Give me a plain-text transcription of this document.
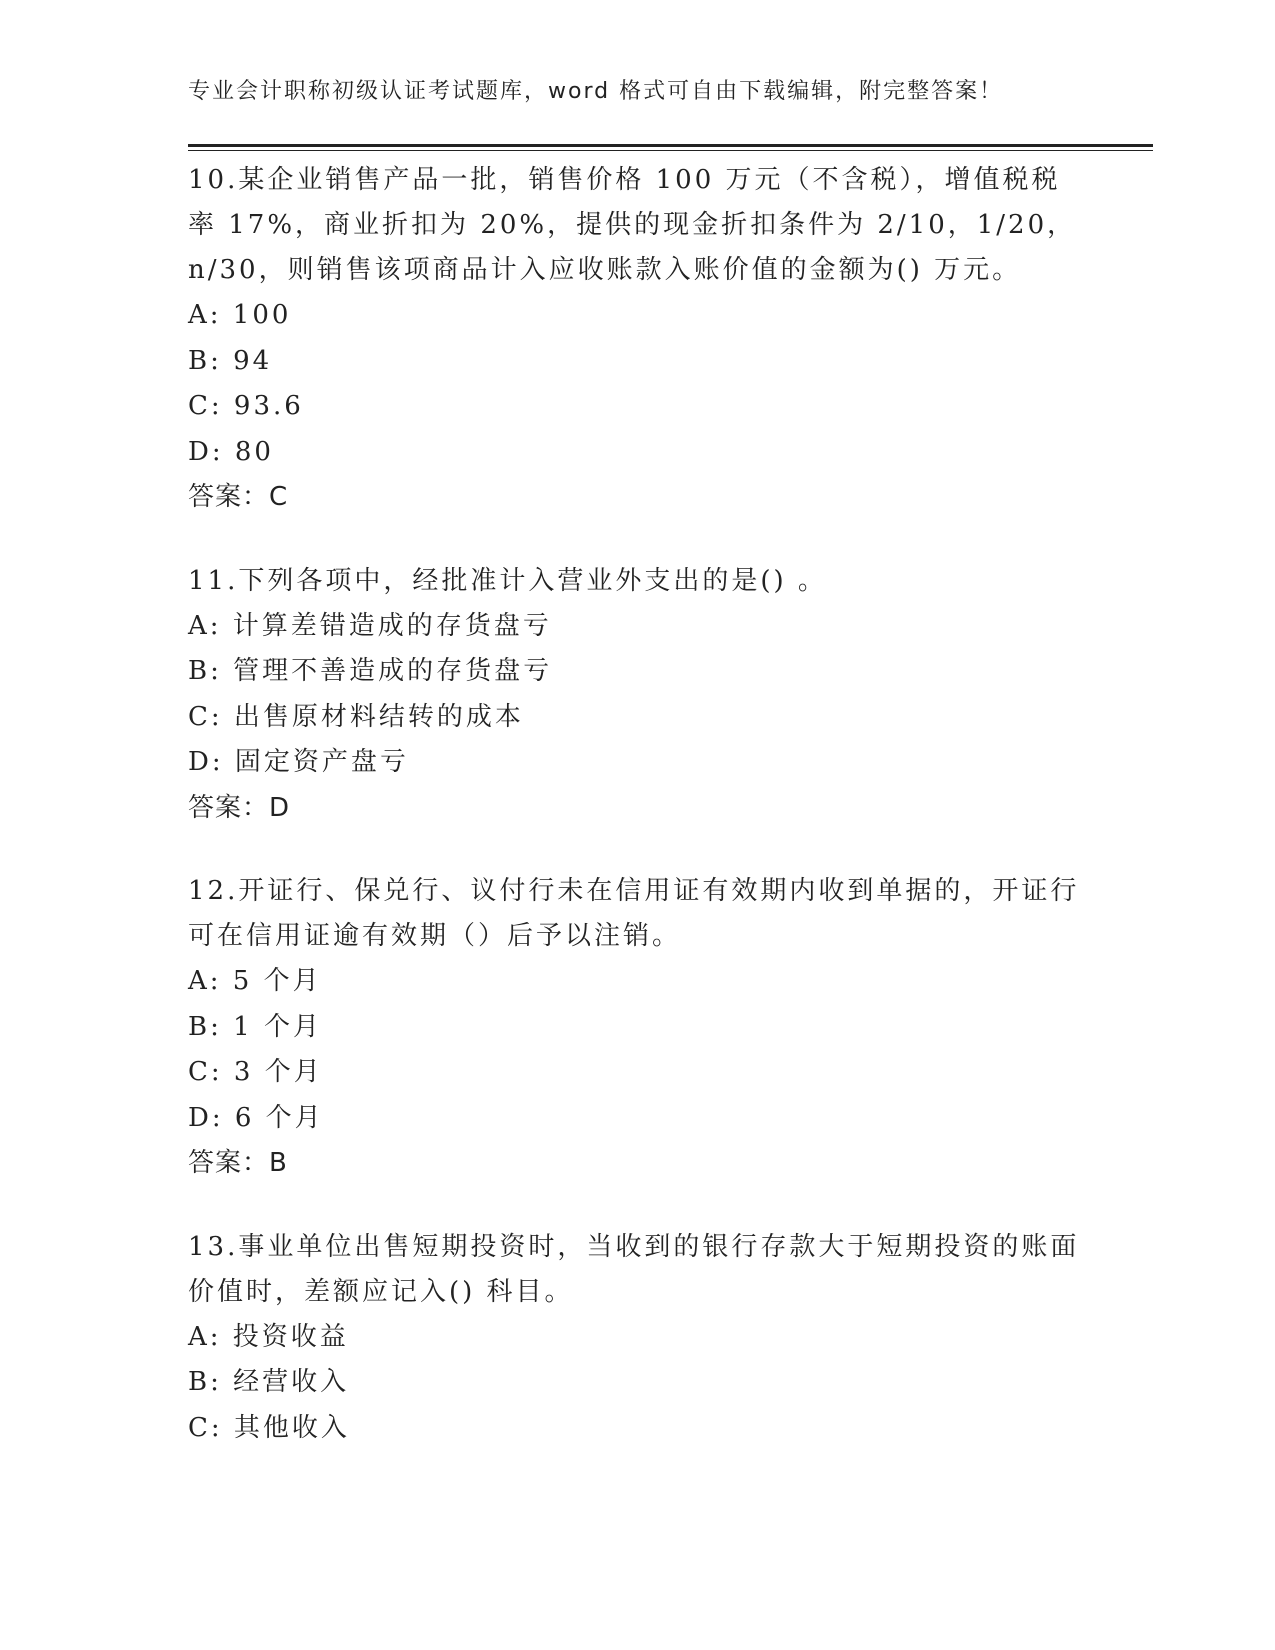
专业会计职称初级认证考试题库，word 格式可自由下载编辑，附完整答案！

10.某企业销售产品一批，销售价格 100 万元（不含税），增值税税率 17%，商业折扣为 20%，提供的现金折扣条件为 2/10，1/20，n/30，则销售该项商品计入应收账款入账价值的金额为() 万元。

A: 100

B: 94

C: 93.6

D: 80

答案：C

11.下列各项中，经批准计入营业外支出的是() 。

A: 计算差错造成的存货盘亏

B: 管理不善造成的存货盘亏

C: 出售原材料结转的成本

D: 固定资产盘亏

答案：D

12.开证行、保兑行、议付行未在信用证有效期内收到单据的，开证行可在信用证逾有效期（）后予以注销。

A: 5 个月

B: 1 个月

C: 3 个月

D: 6 个月

答案：B

13.事业单位出售短期投资时，当收到的银行存款大于短期投资的账面价值时，差额应记入() 科目。

A: 投资收益

B: 经营收入

C: 其他收入
